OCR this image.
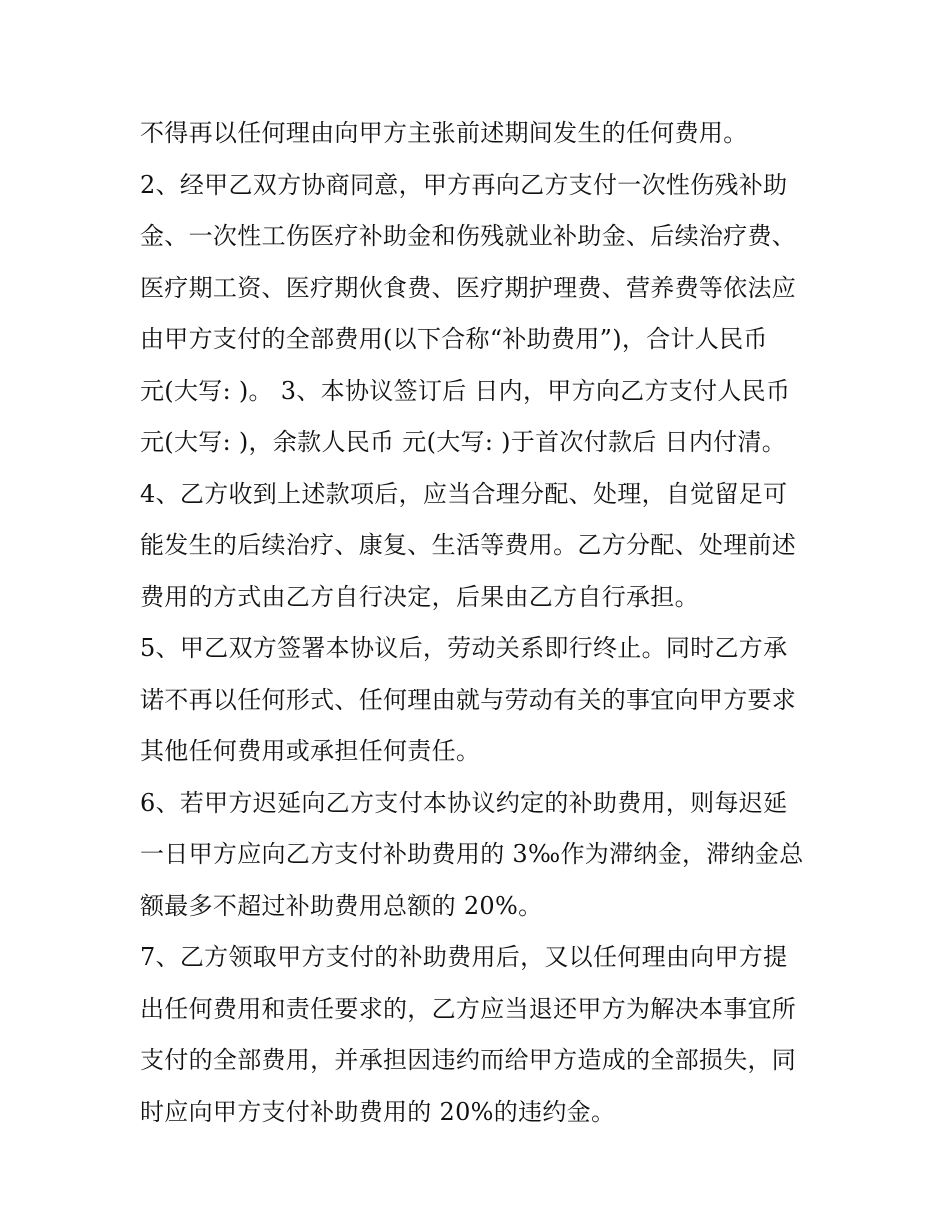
不得再以任何理由向甲方主张前述期间发生的任何费用。
2、经甲乙双方协商同意，甲方再向乙方支付一次性伤残补助
金、一次性工伤医疗补助金和伤残就业补助金、后续治疗费、
医疗期工资、医疗期伙食费、医疗期护理费、营养费等依法应
由甲方支付的全部费用(以下合称“补助费用”)，合计人民币
元(大写: )。 3、本协议签订后 日内，甲方向乙方支付人民币
元(大写: )，余款人民币 元(大写: )于首次付款后 日内付清。
4、乙方收到上述款项后，应当合理分配、处理，自觉留足可
能发生的后续治疗、康复、生活等费用。乙方分配、处理前述
费用的方式由乙方自行决定，后果由乙方自行承担。
5、甲乙双方签署本协议后，劳动关系即行终止。同时乙方承
诺不再以任何形式、任何理由就与劳动有关的事宜向甲方要求
其他任何费用或承担任何责任。
6、若甲方迟延向乙方支付本协议约定的补助费用，则每迟延
一日甲方应向乙方支付补助费用的 3‰作为滞纳金，滞纳金总
额最多不超过补助费用总额的 20%。
7、乙方领取甲方支付的补助费用后，又以任何理由向甲方提
出任何费用和责任要求的，乙方应当退还甲方为解决本事宜所
支付的全部费用，并承担因违约而给甲方造成的全部损失，同
时应向甲方支付补助费用的 20%的违约金。
